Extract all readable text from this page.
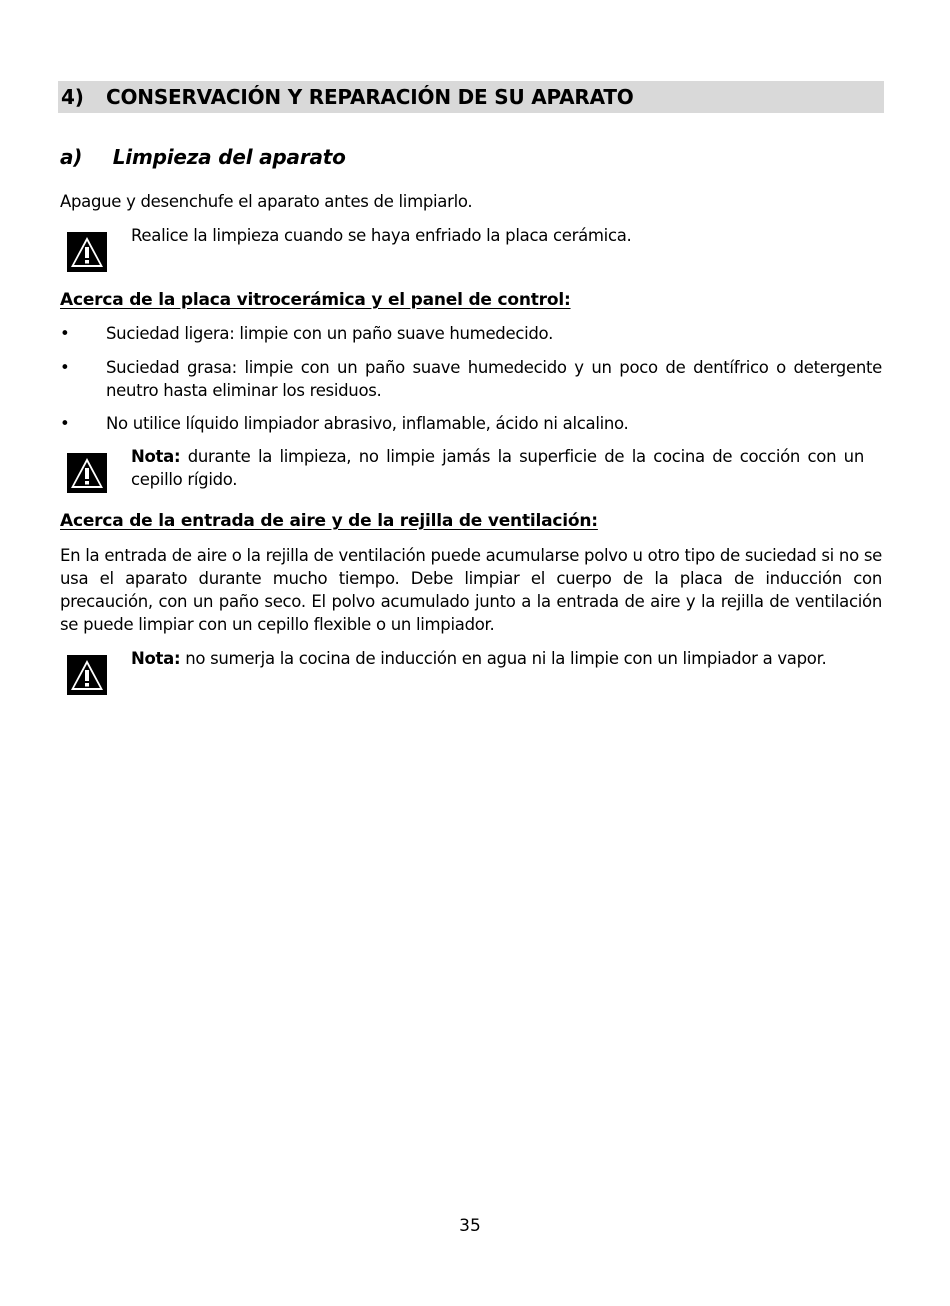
4)	CONSERVACIÓN Y REPARACIÓN DE SU APARATO
a) Limpieza del aparato
Apague y desenchufe el aparato antes de limpiarlo.
Realice la limpieza cuando se haya enfriado la placa cerámica.
Acerca de la placa vitrocerámica y el panel de control:
•	Suciedad ligera: limpie con un paño suave humedecido.
•	Suciedad grasa: limpie con un paño suave humedecido y un poco de dentífrico o detergente neutro hasta eliminar los residuos.
•	No utilice líquido limpiador abrasivo, inflamable, ácido ni alcalino.
Nota: durante la limpieza, no limpie jamás la superficie de la cocina de cocción con un cepillo rígido.
Acerca de la entrada de aire y de la rejilla de ventilación:
En la entrada de aire o la rejilla de ventilación puede acumularse polvo u otro tipo de suciedad si no se usa el aparato durante mucho tiempo. Debe limpiar el cuerpo de la placa de inducción con precaución, con un paño seco. El polvo acumulado junto a la entrada de aire y la rejilla de ventilación se puede limpiar con un cepillo flexible o un limpiador.
Nota: no sumerja la cocina de inducción en agua ni la limpie con un limpiador a vapor.
35
